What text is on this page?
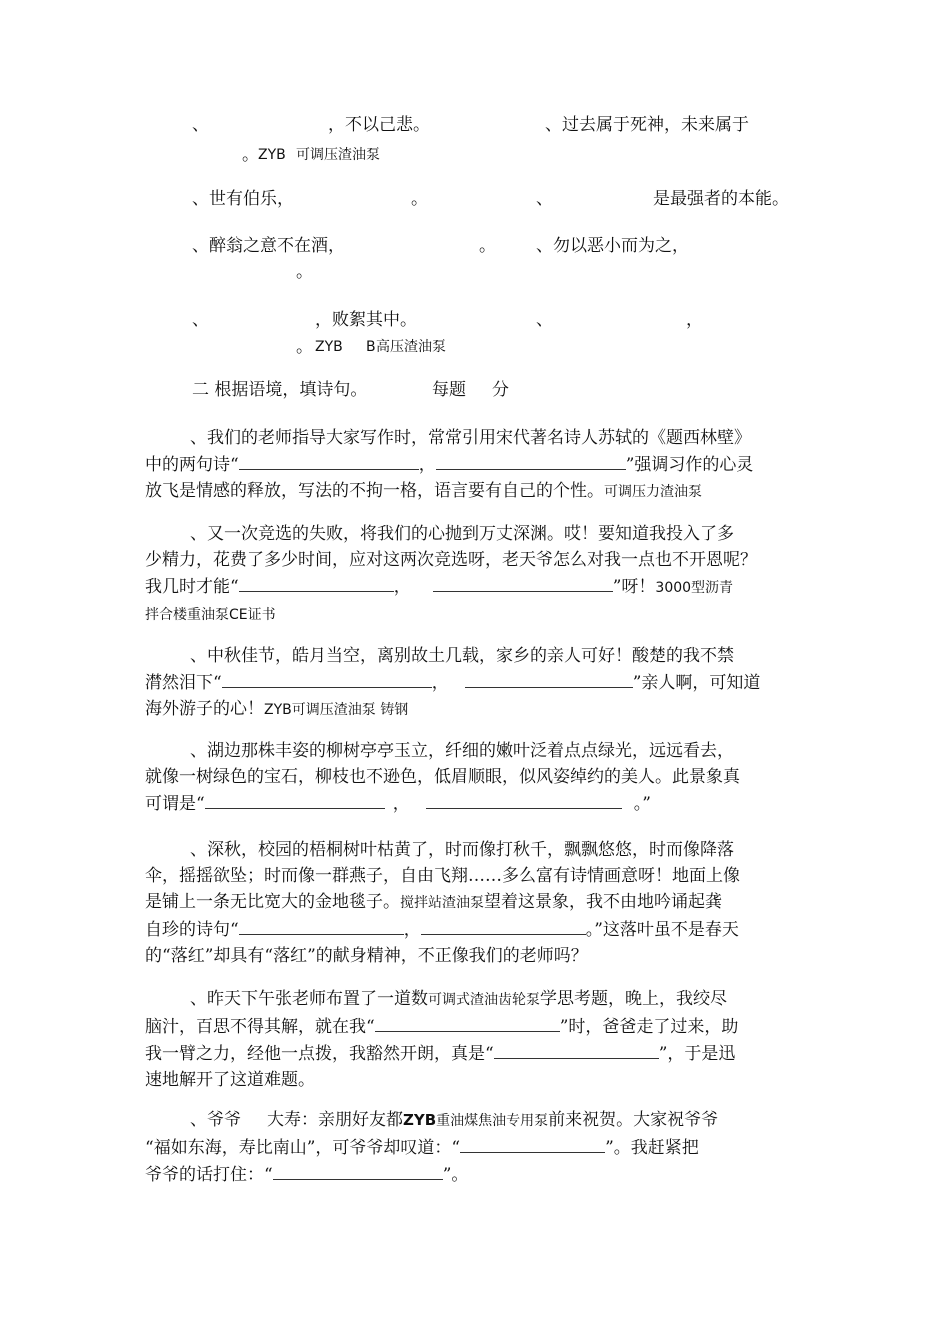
、	，不以己悲。	、过去属于死神，未来属于
。 ZYB 可调压渣油泵
、世有伯乐，	。	、	是最强者的本能。
、醉翁之意不在酒，	。 、勿以恶小而为之，
。
、	，败絮其中。	、	，
。 ZYB B 高压渣油泵
二 根据语境，填诗句。	每题 分
、我们的老师指导大家写作时，常常引用宋代著名诗人苏轼的《题西林壁》
中的两句诗“	，	”强调习作的心灵
放飞是情感的释放，写法的不拘一格，语言要有自己的个性。可调压力渣油泵
、又一次竞选的失败，将我们的心抛到万丈深渊。哎！要知道我投入了多
少精力，花费了多少时间，应对这两次竞选呀，老天爷怎么对我一点也不开恩呢？
我几时才能“	，	”呀！3000型沥青
拌合楼重油泵CE证书
、中秋佳节，皓月当空，离别故土几载，家乡的亲人可好！酸楚的我不禁
潸然泪下“	，	”亲人啊，可知道
海外游子的心！ZYB可调压渣油泵 铸钢
、湖边那株丰姿的柳树亭亭玉立，纤细的嫩叶泛着点点绿光，远远看去，
就像一树绿色的宝石，柳枝也不逊色，低眉顺眼，似风姿绰约的美人。此景象真
可谓是“	，	。”
、深秋，校园的梧桐树叶枯黄了，时而像打秋千，飘飘悠悠，时而像降落
伞，摇摇欲坠；时而像一群燕子，自由飞翔……多么富有诗情画意呀！地面上像
是铺上一条无比宽大的金地毯子。搅拌站渣油泵望着这景象，我不由地吟诵起龚
自珍的诗句“	，	。”这落叶虽不是春天
的“落红”却具有“落红”的献身精神，不正像我们的老师吗？
、昨天下午张老师布置了一道数可调式渣油齿轮泵学思考题，晚上，我绞尽
脑汁，百思不得其解，就在我“	”时，爸爸走了过来，助
我一臂之力，经他一点拨，我豁然开朗，真是“	”，于是迅
速地解开了这道难题。
、爷爷 大寿：亲朋好友都ZYB重油煤焦油专用泵前来祝贺。大家祝爷爷
“福如东海，寿比南山”，可爷爷却叹道：“	”。我赶紧把
爷爷的话打住：“	”。
